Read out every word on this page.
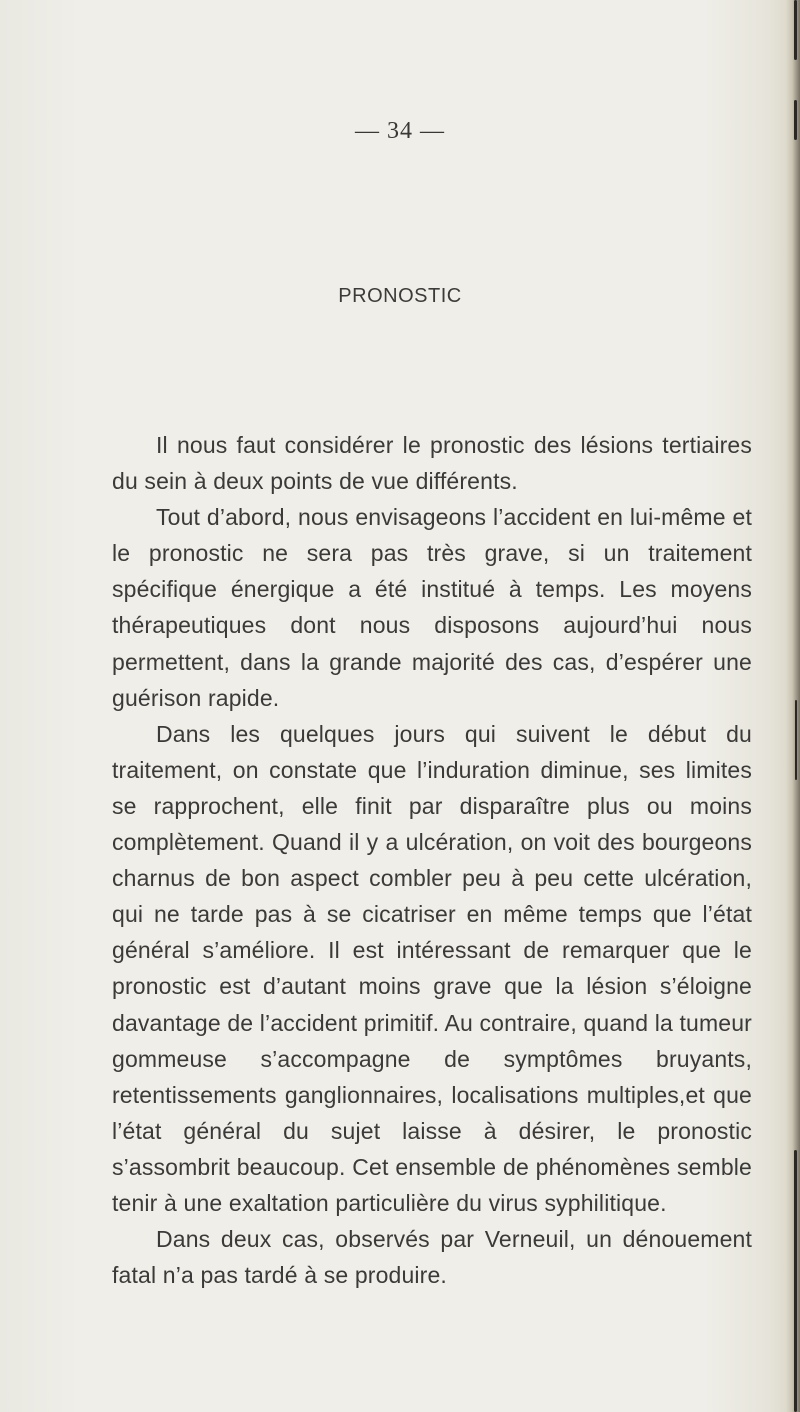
— 34 —
PRONOSTIC

Il nous faut considérer le pronostic des lésions tertiaires du sein à deux points de vue différents.

Tout d’abord, nous envisageons l’accident en lui-même et le pronostic ne sera pas très grave, si un traitement spécifique énergique a été institué à temps. Les moyens thérapeutiques dont nous disposons aujourd’hui nous permettent, dans la grande majorité des cas, d’espérer une guérison rapide.

Dans les quelques jours qui suivent le début du traitement, on constate que l’induration diminue, ses limites se rapprochent, elle finit par disparaître plus ou moins complètement. Quand il y a ulcération, on voit des bourgeons charnus de bon aspect combler peu à peu cette ulcération, qui ne tarde pas à se cicatriser en même temps que l’état général s’améliore. Il est intéressant de remarquer que le pronostic est d’autant moins grave que la lésion s’éloigne davantage de l’accident primitif. Au contraire, quand la tumeur gommeuse s’accompagne de symptômes bruyants, retentissements ganglionnaires, localisations multiples,et que l’état général du sujet laisse à désirer, le pronostic s’assombrit beaucoup. Cet ensemble de phénomènes semble tenir à une exaltation particulière du virus syphilitique.

Dans deux cas, observés par Verneuil, un dénouement fatal n’a pas tardé à se produire.
